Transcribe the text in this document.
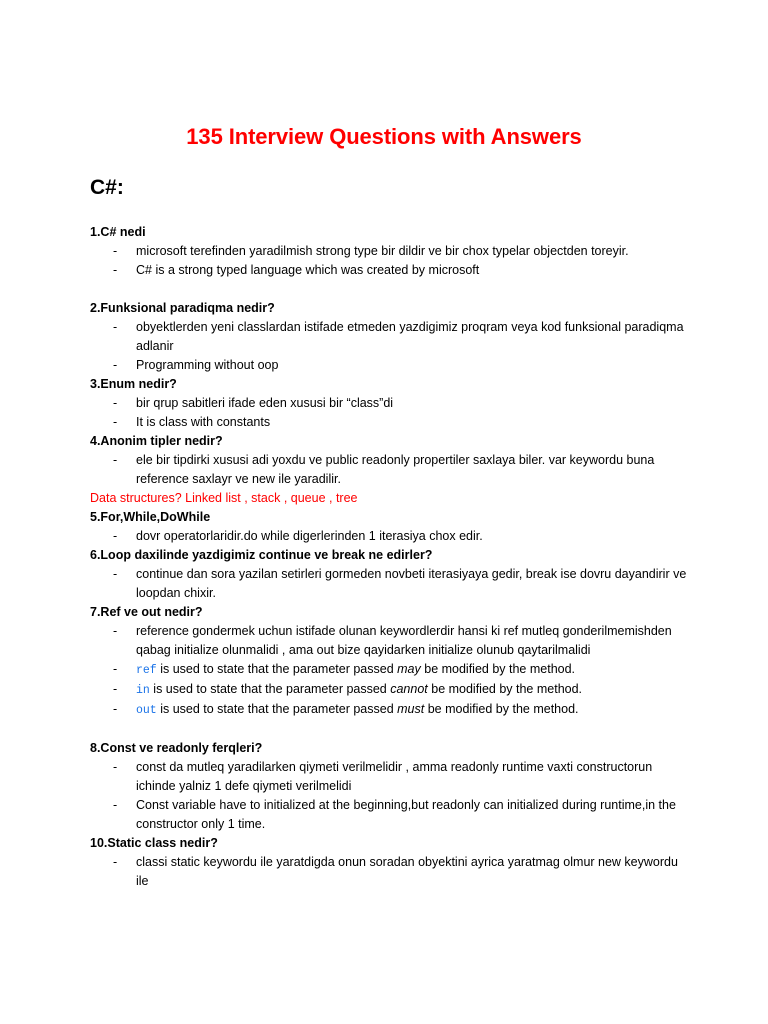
135 Interview Questions with Answers
C#:
1.C# nedi
-	microsoft terefinden yaradilmish strong type bir dildir ve bir chox typelar objectden toreyir.
-	C# is a strong typed language which was created by microsoft
2.Funksional paradiqma nedir?
-	obyektlerden yeni classlardan istifade etmeden yazdigimiz proqram veya kod funksional paradiqma adlanir
-	Programming without oop
3.Enum nedir?
-	bir qrup sabitleri ifade eden xususi bir “class”di
-	It is class with constants
4.Anonim tipler nedir?
-	ele bir tipdirki xususi adi yoxdu ve public readonly propertiler saxlaya biler. var keywordu buna reference saxlayr ve new ile yaradilir.
Data structures? Linked list , stack , queue , tree
5.For,While,DoWhile
-	dovr operatorlaridir.do while digerlerinden 1 iterasiya chox edir.
6.Loop daxilinde yazdigimiz continue ve break ne edirler?
-	continue dan sora yazilan setirleri gormeden novbeti iterasiyaya gedir, break ise dovru dayandirir ve loopdan chixir.
7.Ref ve out nedir?
-	reference gondermek uchun istifade olunan keywordlerdir hansi ki ref mutleq gonderilmemishden qabag initialize olunmalidi , ama out bize qayidarken initialize olunub qaytarilmalidi
-	ref is used to state that the parameter passed may be modified by the method.
-	in is used to state that the parameter passed cannot be modified by the method.
-	out is used to state that the parameter passed must be modified by the method.
8.Const ve readonly ferqleri?
-	const da mutleq yaradilarken qiymeti verilmelidir , amma readonly runtime vaxti constructorun ichinde yalniz 1 defe qiymeti verilmelidi
-	Const variable have to initialized at the beginning,but readonly can initialized during runtime,in the constructor only 1 time.
10.Static class nedir?
-	classi static keywordu ile yaratdigda onun soradan obyektini ayrica yaratmag olmur new keywordu ile
